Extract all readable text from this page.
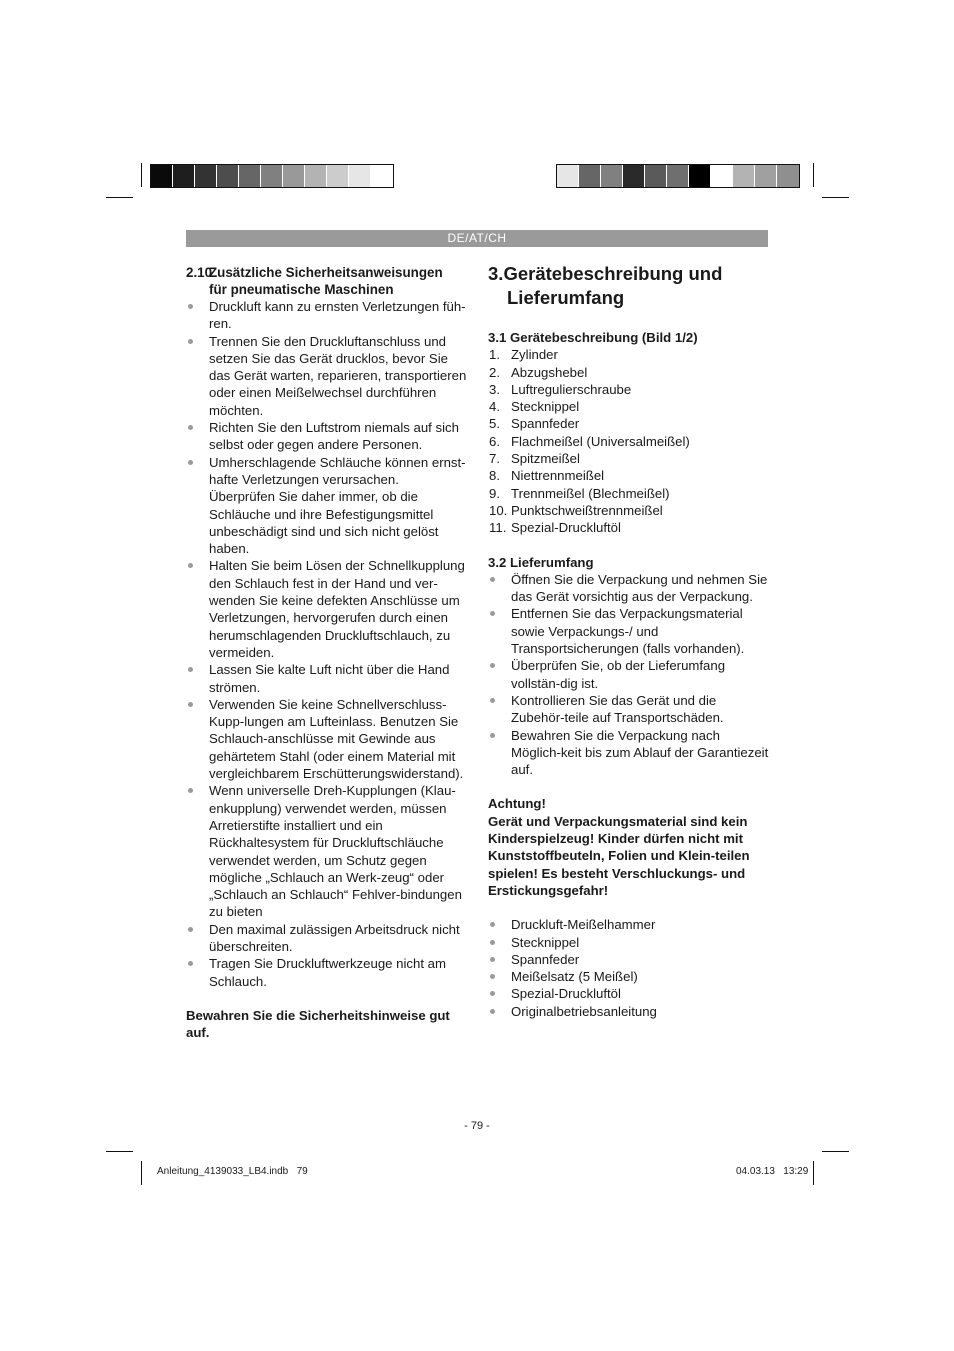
DE/AT/CH
2.10Zusätzliche Sicherheitsanweisungen
für pneumatische Maschinen
Druckluft kann zu ernsten Verletzungen füh-ren.
Trennen Sie den Druckluftanschluss und setzen Sie das Gerät drucklos, bevor Sie das Gerät warten, reparieren, transportieren oder einen Meißelwechsel durchführen möchten.
Richten Sie den Luftstrom niemals auf sich selbst oder gegen andere Personen.
Umherschlagende Schläuche können ernst-hafte Verletzungen verursachen. Überprüfen Sie daher immer, ob die Schläuche und ihre Befestigungsmittel unbeschädigt sind und sich nicht gelöst haben.
Halten Sie beim Lösen der Schnellkupplung den Schlauch fest in der Hand und ver-wenden Sie keine defekten Anschlüsse um Verletzungen, hervorgerufen durch einen herumschlagenden Druckluftschlauch, zu vermeiden.
Lassen Sie kalte Luft nicht über die Hand strömen.
Verwenden Sie keine Schnellverschluss-Kupp-lungen am Lufteinlass. Benutzen Sie Schlauch-anschlüsse mit Gewinde aus gehärtetem Stahl (oder einem Material mit vergleichbarem Erschütterungswiderstand).
Wenn universelle Dreh-Kupplungen (Klau-enkupplung) verwendet werden, müssen Arretierstifte installiert und ein Rückhaltesystem für Druckluftschläuche verwendet werden, um Schutz gegen mögliche „Schlauch an Werk-zeug“ oder „Schlauch an Schlauch“ Fehlver-bindungen zu bieten
Den maximal zulässigen Arbeitsdruck nicht überschreiten.
Tragen Sie Druckluftwerkzeuge nicht am Schlauch.

Bewahren Sie die Sicherheitshinweise gut auf.

3.Gerätebeschreibung und
Lieferumfang

3.1 Gerätebeschreibung (Bild 1/2)

1. Zylinder
2. Abzugshebel
3. Luftregulierschraube
4. Stecknippel
5. Spannfeder
6. Flachmeißel (Universalmeißel)
7. Spitzmeißel
8. Niettrennmeißel
9. Trennmeißel (Blechmeißel)
10. Punktschweißtrennmeißel
11. Spezial-Druckluftöl

3.2 Lieferumfang

Öffnen Sie die Verpackung und nehmen Sie das Gerät vorsichtig aus der Verpackung.
Entfernen Sie das Verpackungsmaterial sowie Verpackungs-/ und Transportsicherungen (falls vorhanden).
Überprüfen Sie, ob der Lieferumfang vollstän-dig ist.
Kontrollieren Sie das Gerät und die Zubehör-teile auf Transportschäden.
Bewahren Sie die Verpackung nach Möglich-keit bis zum Ablauf der Garantiezeit auf.

Achtung!

Gerät und Verpackungsmaterial sind kein Kinderspielzeug! Kinder dürfen nicht mit Kunststoffbeuteln, Folien und Klein-teilen spielen! Es besteht Verschluckungs- und Erstickungsgefahr!

Druckluft-Meißelhammer
Stecknippel
Spannfeder
Meißelsatz (5 Meißel)
Spezial-Druckluftöl
Originalbetriebsanleitung
- 79 -
Anleitung_4139033_LB4.indb   79	04.03.13   13:29
